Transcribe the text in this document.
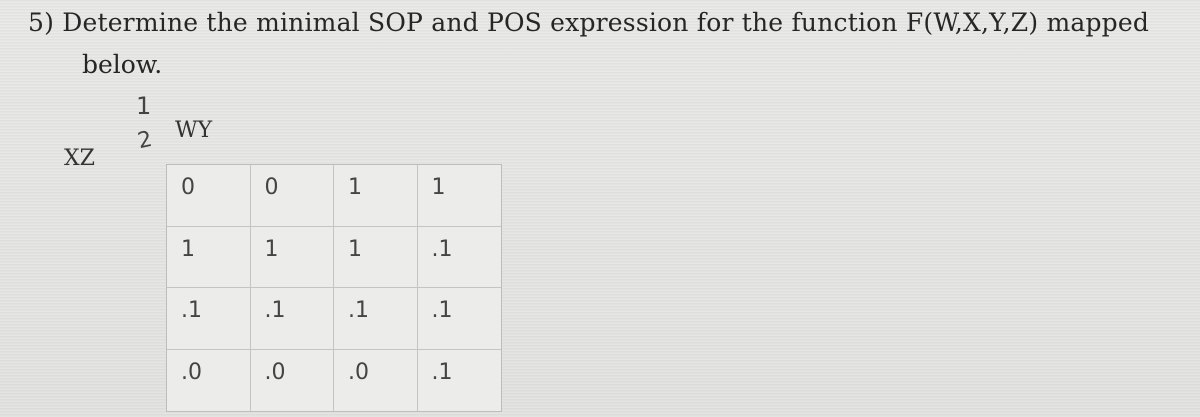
5) Determine the minimal SOP and POS expression for the function F(W,X,Y,Z) mapped
below.
1
2 WY
XZ
0	0	1	1
1	1	1	.1
.1	.1	.1	.1
.0	.0	.0	.1
